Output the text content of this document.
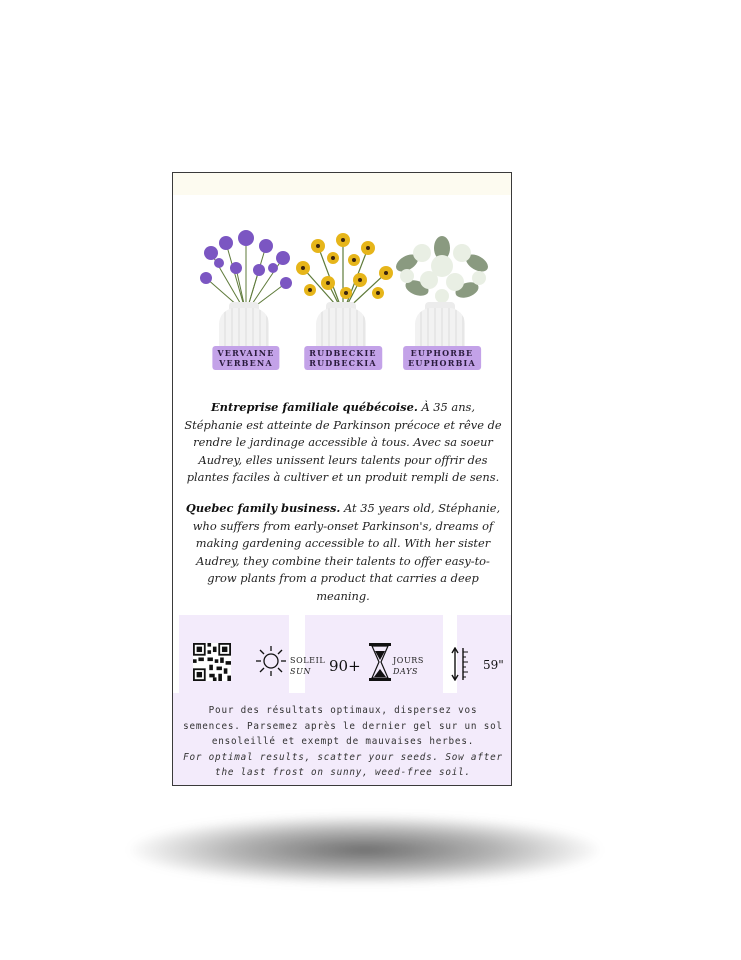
VERVAINE
VERBENA
RUDBECKIE
RUDBECKIA
EUPHORBE
EUPHORBIA
Entreprise familiale québécoise. À 35 ans, Stéphanie est atteinte de Parkinson précoce et rêve de rendre le jardinage accessible à tous. Avec sa soeur Audrey, elles unissent leurs talents pour offrir des plantes faciles à cultiver et un produit rempli de sens.
Quebec family business. At 35 years old, Stéphanie, who suffers from early-onset Parkinson's, dreams of making gardening accessible to all. With her sister Audrey, they combine their talents to offer easy-to-grow plants from a product that carries a deep meaning.
SOLEIL
SUN	90+	JOURS
DAYS	59"
Pour des résultats optimaux, dispersez vos semences. Parsemez après le dernier gel sur un sol ensoleillé et exempt de mauvaises herbes.
For optimal results, scatter your seeds. Sow after the last frost on sunny, weed-free soil.
